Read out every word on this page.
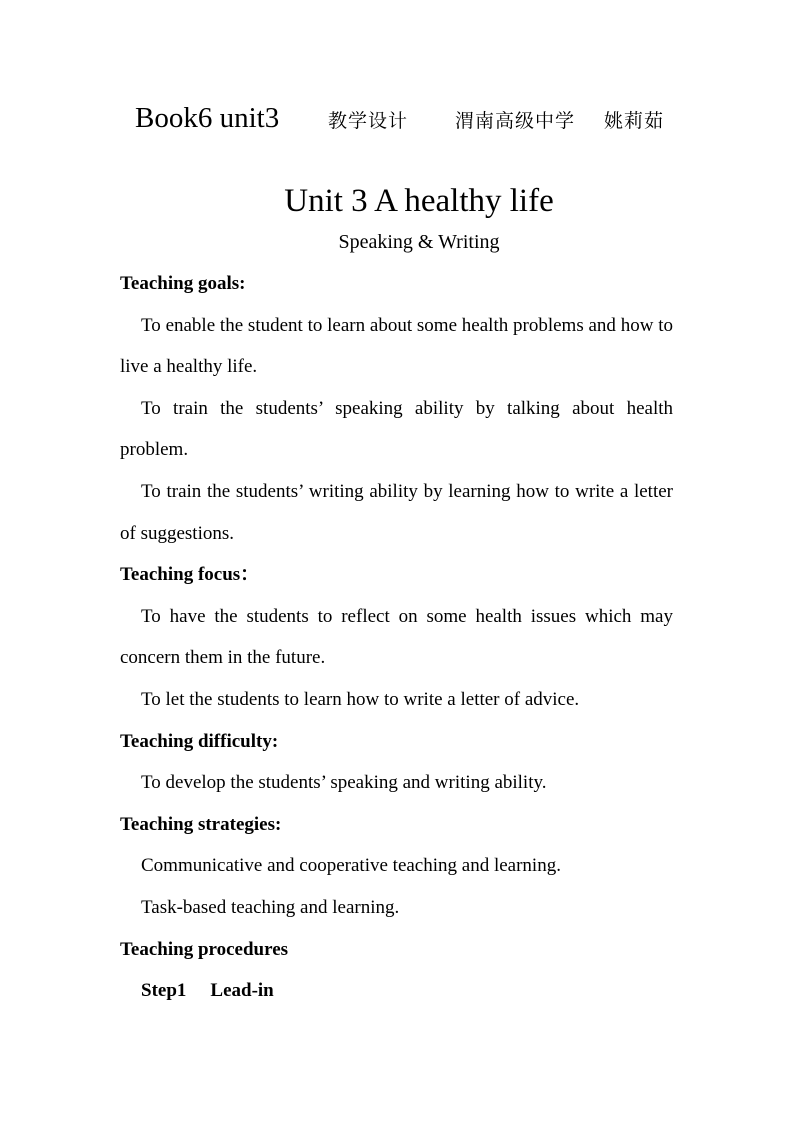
Book6 unit3	教学设计 渭南高级中学 姚莉茹
Unit 3 A healthy life
Speaking & Writing

Teaching goals:

To enable the student to learn about some health problems and how to live a healthy life.

To train the students’ speaking ability by talking about health problem.

To train the students’ writing ability by learning how to write a letter of suggestions.

Teaching focus：

To have the students to reflect on some health issues which may concern them in the future.

To let the students to learn how to write a letter of advice.

Teaching difficulty:

To develop the students’ speaking and writing ability.

Teaching strategies:

Communicative and cooperative teaching and learning.

Task-based teaching and learning.

Teaching procedures

Step1 Lead-in
